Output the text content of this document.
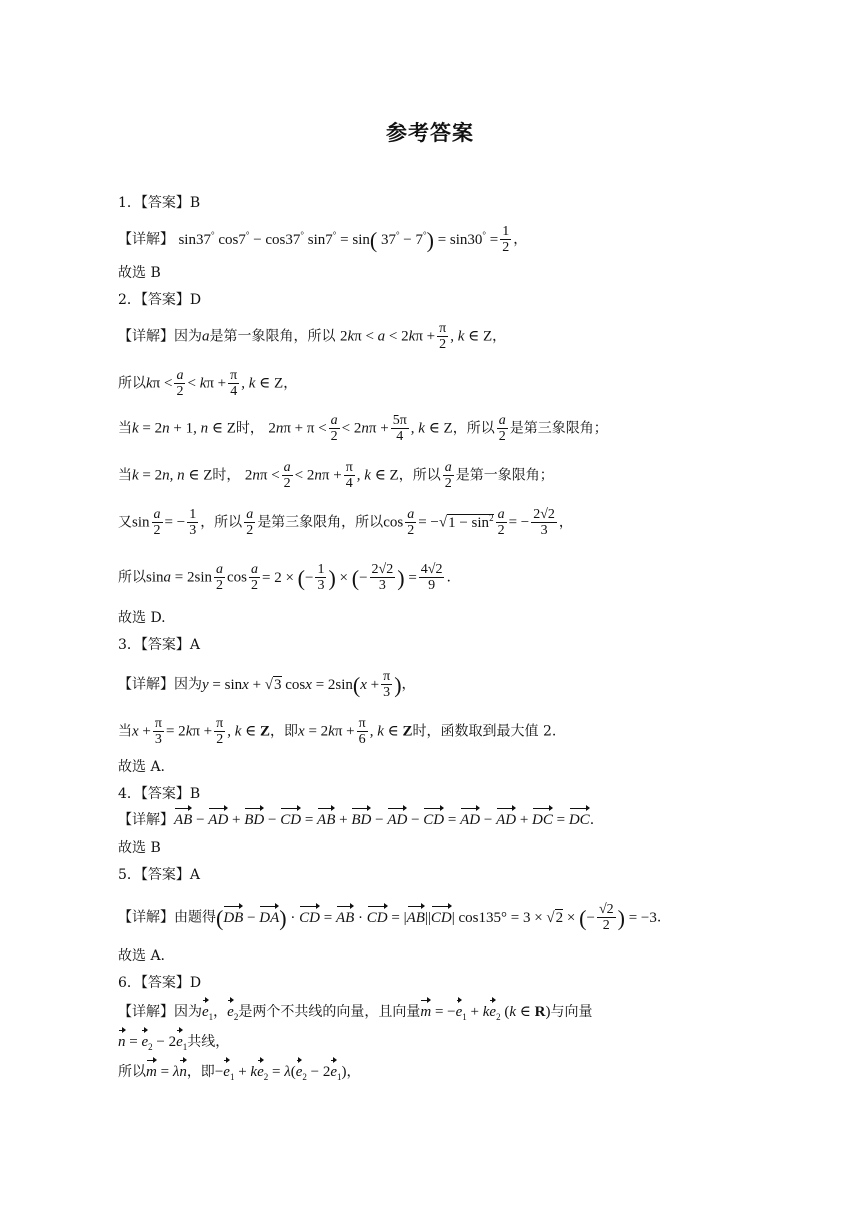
参考答案
1．【答案】B
【详解】 sin37° cos7° − cos37° sin7° = sin( $37^\circ - 7^\circ) = \sin 30^\circ = \frac{1}{2}$ ，
故选 B
2．【答案】D
【详解】因为a是第一象限角，所以 $2k\pi < a < 2k\pi + \frac{\pi}{2}$ , k ∈ Z，
所以$k\pi < \frac{a}{2} < k\pi + \frac{\pi}{4}$ , k ∈ Z，
当k = 2n + 1, n ∈ Z时， $2n\pi + \pi < \frac{a}{2} < 2n\pi + \frac{5\pi}{4}$ , k ∈ Z，所以 $\frac{a}{2}$ 是第三象限角；
当k = 2n, n ∈ Z时， $2n\pi < \frac{a}{2} < 2n\pi + \frac{\pi}{4}$ , k ∈ Z，所以 $\frac{a}{2}$ 是第一象限角；
又$\sin \frac{a}{2}$ = − $\frac{1}{3}$ ，所以 $\frac{a}{2}$ 是第三象限角，所以$\cos \frac{a}{2} = -√1 - \sin^2 \frac{a}{2}$ = − $\frac{2√2}{3}$ ，
所以$\sin a = 2\sin \frac{a}{2}$ $\cos \frac{a}{2} = 2$ × (− $\frac{1}{3}$ ) × (− $\frac{2√2}{3}$ ) = $\frac{4√2}{9}$ .
故选 D.
3．【答案】A
【详解】因为y = sinx + √3 $\cos x = 2\sin(x + \frac{\pi}{3}$ )，
当$x + \frac{\pi}{3} = 2k\pi + \frac{\pi}{2}$ , k ∈ Z，即$x = 2k\pi + \frac{\pi}{6}$ , k ∈ Z时，函数取到最大值 2.
故选 A.
4．【答案】B
【详解】AB − AD + BD − CD = AB + BD − AD − CD = AD − AD + DC = DC.
故选 B
5．【答案】A
【详解】由题得(DB − DA) · CD = AB · CD = |AB||CD| cos135° = 3 × √2 × (− $\frac{√2}{2}$ ) = −3.
故选 A.
6．【答案】D
【详解】因为$e_1$，$e_2$是两个不共线的向量，且向量$m = -e_1 + ke_2$ (k ∈ R)与向量
$n = e_2 - 2e_1$共线，
所以m = λn，即$-e_1 + ke_2 = \lambda(e_2 - 2e_1)$，
